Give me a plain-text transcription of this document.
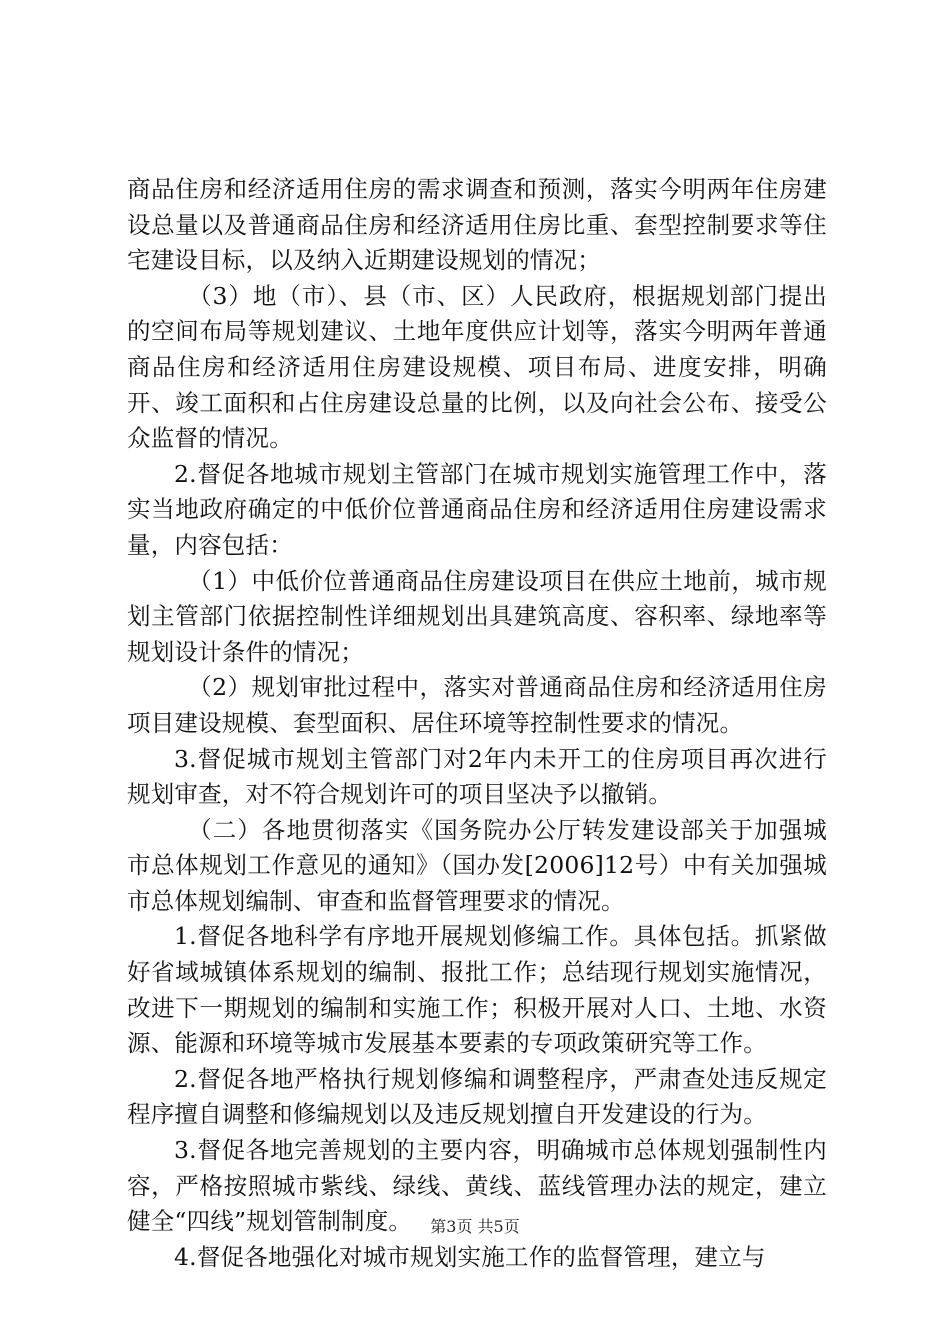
商品住房和经济适用住房的需求调查和预测，落实今明两年住房建设总量以及普通商品住房和经济适用住房比重、套型控制要求等住宅建设目标，以及纳入近期建设规划的情况；

（3）地（市）、县（市、区）人民政府，根据规划部门提出的空间布局等规划建议、土地年度供应计划等，落实今明两年普通商品住房和经济适用住房建设规模、项目布局、进度安排，明确开、竣工面积和占住房建设总量的比例，以及向社会公布、接受公众监督的情况。

2.督促各地城市规划主管部门在城市规划实施管理工作中，落实当地政府确定的中低价位普通商品住房和经济适用住房建设需求量，内容包括：

（1）中低价位普通商品住房建设项目在供应土地前，城市规划主管部门依据控制性详细规划出具建筑高度、容积率、绿地率等规划设计条件的情况；

（2）规划审批过程中，落实对普通商品住房和经济适用住房项目建设规模、套型面积、居住环境等控制性要求的情况。

3.督促城市规划主管部门对2年内未开工的住房项目再次进行规划审查，对不符合规划许可的项目坚决予以撤销。

（二）各地贯彻落实《国务院办公厅转发建设部关于加强城市总体规划工作意见的通知》（国办发[2006]12号）中有关加强城市总体规划编制、审查和监督管理要求的情况。

1.督促各地科学有序地开展规划修编工作。具体包括。抓紧做好省域城镇体系规划的编制、报批工作；总结现行规划实施情况，改进下一期规划的编制和实施工作；积极开展对人口、土地、水资源、能源和环境等城市发展基本要素的专项政策研究等工作。

2.督促各地严格执行规划修编和调整程序，严肃查处违反规定程序擅自调整和修编规划以及违反规划擅自开发建设的行为。

3.督促各地完善规划的主要内容，明确城市总体规划强制性内容，严格按照城市紫线、绿线、黄线、蓝线管理办法的规定，建立健全“四线”规划管制制度。

4.督促各地强化对城市规划实施工作的监督管理，建立与

第3页 共5页
